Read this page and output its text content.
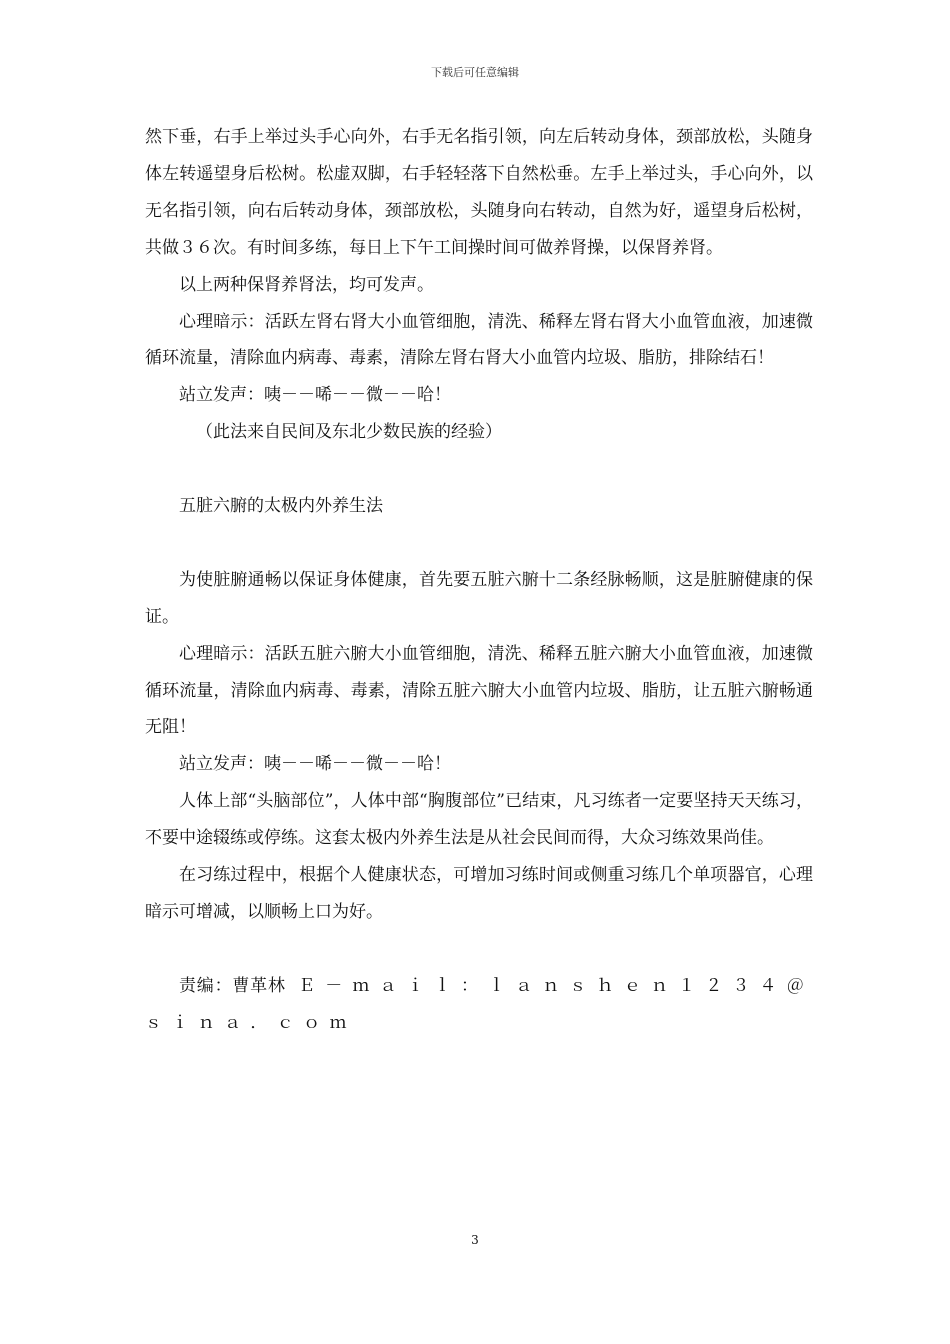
下载后可任意编辑

然下垂，右手上举过头手心向外，右手无名指引领，向左后转动身体，颈部放松，头随身体左转遥望身后松树。松虚双脚，右手轻轻落下自然松垂。左手上举过头，手心向外，以无名指引领，向右后转动身体，颈部放松，头随身向右转动，自然为好，遥望身后松树，共做３６次。有时间多练，每日上下午工间操时间可做养肾操，以保肾养肾。

以上两种保肾养肾法，均可发声。

心理暗示：活跃左肾右肾大小血管细胞，清洗、稀释左肾右肾大小血管血液，加速微循环流量，清除血内病毒、毒素，清除左肾右肾大小血管内垃圾、脂肪，排除结石！

站立发声：咦－－唏－－微－－哈！

（此法来自民间及东北少数民族的经验）

五脏六腑的太极内外养生法

为使脏腑通畅以保证身体健康，首先要五脏六腑十二条经脉畅顺，这是脏腑健康的保证。

心理暗示：活跃五脏六腑大小血管细胞，清洗、稀释五脏六腑大小血管血液，加速微循环流量，清除血内病毒、毒素，清除五脏六腑大小血管内垃圾、脂肪，让五脏六腑畅通无阻！

站立发声：咦－－唏－－微－－哈！

人体上部“头脑部位”，人体中部“胸腹部位”已结束，凡习练者一定要坚持天天练习，不要中途辍练或停练。这套太极内外养生法是从社会民间而得，大众习练效果尚佳。

在习练过程中，根据个人健康状态，可增加习练时间或侧重习练几个单项器官，心理暗示可增减，以顺畅上口为好。

责编：曹革林 Ｅ－ｍａｉｌ：ｌａｎｓｈｅｎ１２３４＠ｓｉｎａ．ｃｏｍ

3
